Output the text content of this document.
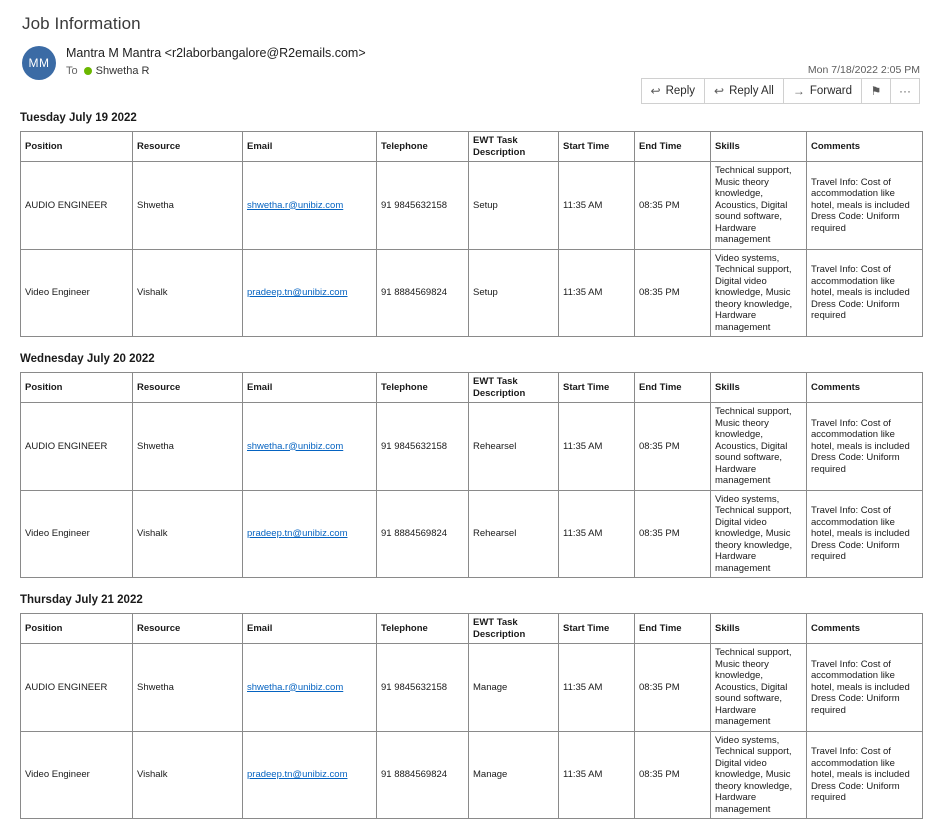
Job Information
MM
Mantra M Mantra <r2laborbangalore@R2emails.com>
To Shwetha R
↩ Reply ↩ Reply All → Forward ⚑ ···
Mon 7/18/2022 2:05 PM
Tuesday July 19 2022
Position	Resource	Email	Telephone	EWT Task Description	Start Time	End Time	Skills	Comments
AUDIO ENGINEER	Shwetha	shwetha.r@unibiz.com	91 9845632158	Setup	11:35 AM	08:35 PM	Technical support, Music theory knowledge, Acoustics, Digital sound software, Hardware management	Travel Info: Cost of accommodation like hotel, meals is included Dress Code: Uniform required
Video Engineer	Vishalk	pradeep.tn@unibiz.com	91 8884569824	Setup	11:35 AM	08:35 PM	Video systems, Technical support, Digital video knowledge, Music theory knowledge, Hardware management	Travel Info: Cost of accommodation like hotel, meals is included Dress Code: Uniform required
Wednesday July 20 2022
Position	Resource	Email	Telephone	EWT Task Description	Start Time	End Time	Skills	Comments
AUDIO ENGINEER	Shwetha	shwetha.r@unibiz.com	91 9845632158	Rehearsel	11:35 AM	08:35 PM	Technical support, Music theory knowledge, Acoustics, Digital sound software, Hardware management	Travel Info: Cost of accommodation like hotel, meals is included Dress Code: Uniform required
Video Engineer	Vishalk	pradeep.tn@unibiz.com	91 8884569824	Rehearsel	11:35 AM	08:35 PM	Video systems, Technical support, Digital video knowledge, Music theory knowledge, Hardware management	Travel Info: Cost of accommodation like hotel, meals is included Dress Code: Uniform required
Thursday July 21 2022
Position	Resource	Email	Telephone	EWT Task Description	Start Time	End Time	Skills	Comments
AUDIO ENGINEER	Shwetha	shwetha.r@unibiz.com	91 9845632158	Manage	11:35 AM	08:35 PM	Technical support, Music theory knowledge, Acoustics, Digital sound software, Hardware management	Travel Info: Cost of accommodation like hotel, meals is included Dress Code: Uniform required
Video Engineer	Vishalk	pradeep.tn@unibiz.com	91 8884569824	Manage	11:35 AM	08:35 PM	Video systems, Technical support, Digital video knowledge, Music theory knowledge, Hardware management	Travel Info: Cost of accommodation like hotel, meals is included Dress Code: Uniform required
